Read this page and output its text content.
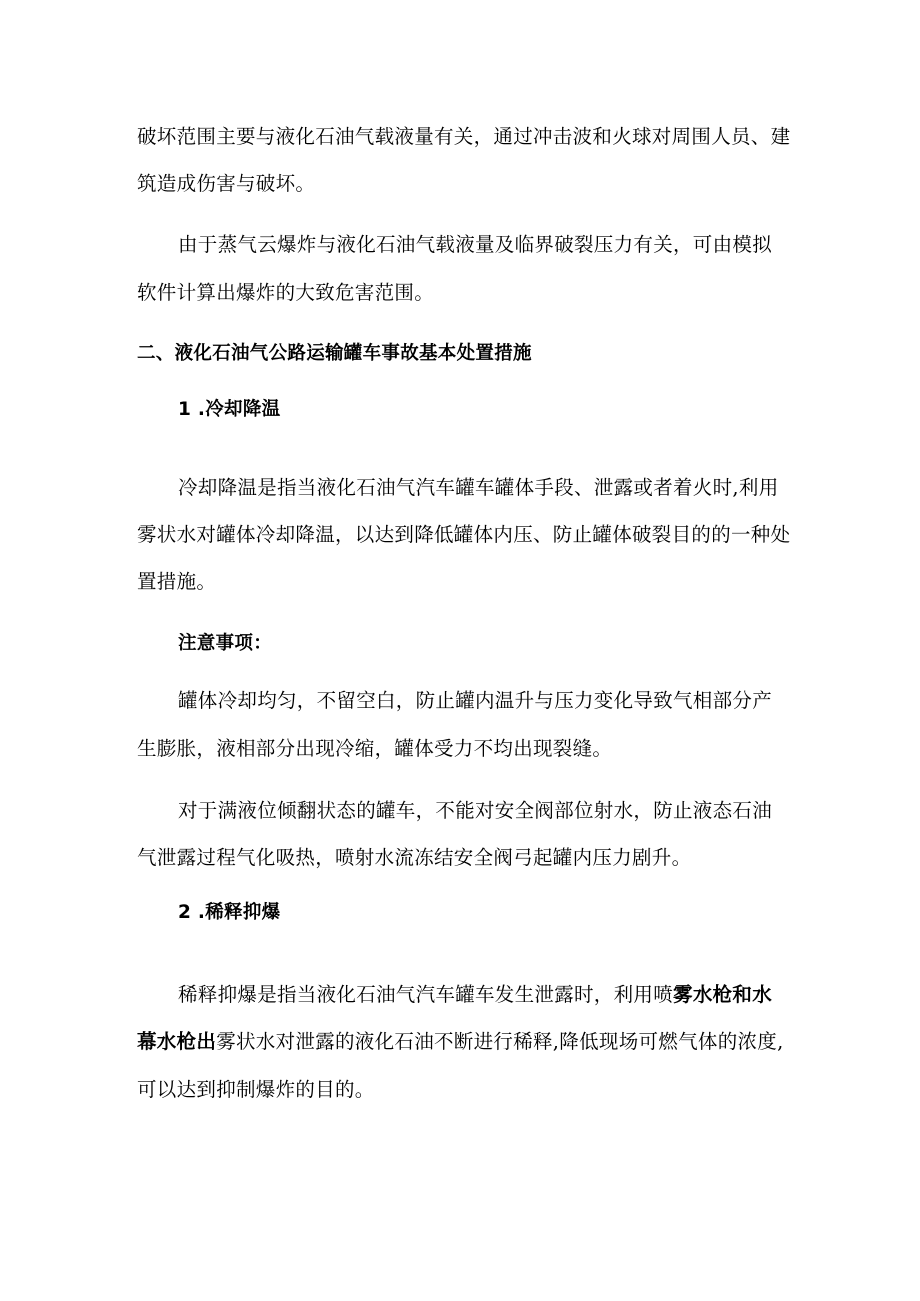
破坏范围主要与液化石油气载液量有关，通过冲击波和火球对周围人员、建
筑造成伤害与破坏。
由于蒸气云爆炸与液化石油气载液量及临界破裂压力有关，可由模拟
软件计算出爆炸的大致危害范围。
二、液化石油气公路运输罐车事故基本处置措施
1 .冷却降温
冷却降温是指当液化石油气汽车罐车罐体手段、泄露或者着火时,利用
雾状水对罐体冷却降温，以达到降低罐体内压、防止罐体破裂目的的一种处
置措施。
注意事项：
罐体冷却均匀，不留空白，防止罐内温升与压力变化导致气相部分产
生膨胀，液相部分出现冷缩，罐体受力不均出现裂缝。
对于满液位倾翻状态的罐车，不能对安全阀部位射水，防止液态石油
气泄露过程气化吸热，喷射水流冻结安全阀弓起罐内压力剧升。
2 .稀释抑爆
稀释抑爆是指当液化石油气汽车罐车发生泄露时，利用喷雾水枪和水
幕水枪出雾状水对泄露的液化石油不断进行稀释,降低现场可燃气体的浓度,
可以达到抑制爆炸的目的。
